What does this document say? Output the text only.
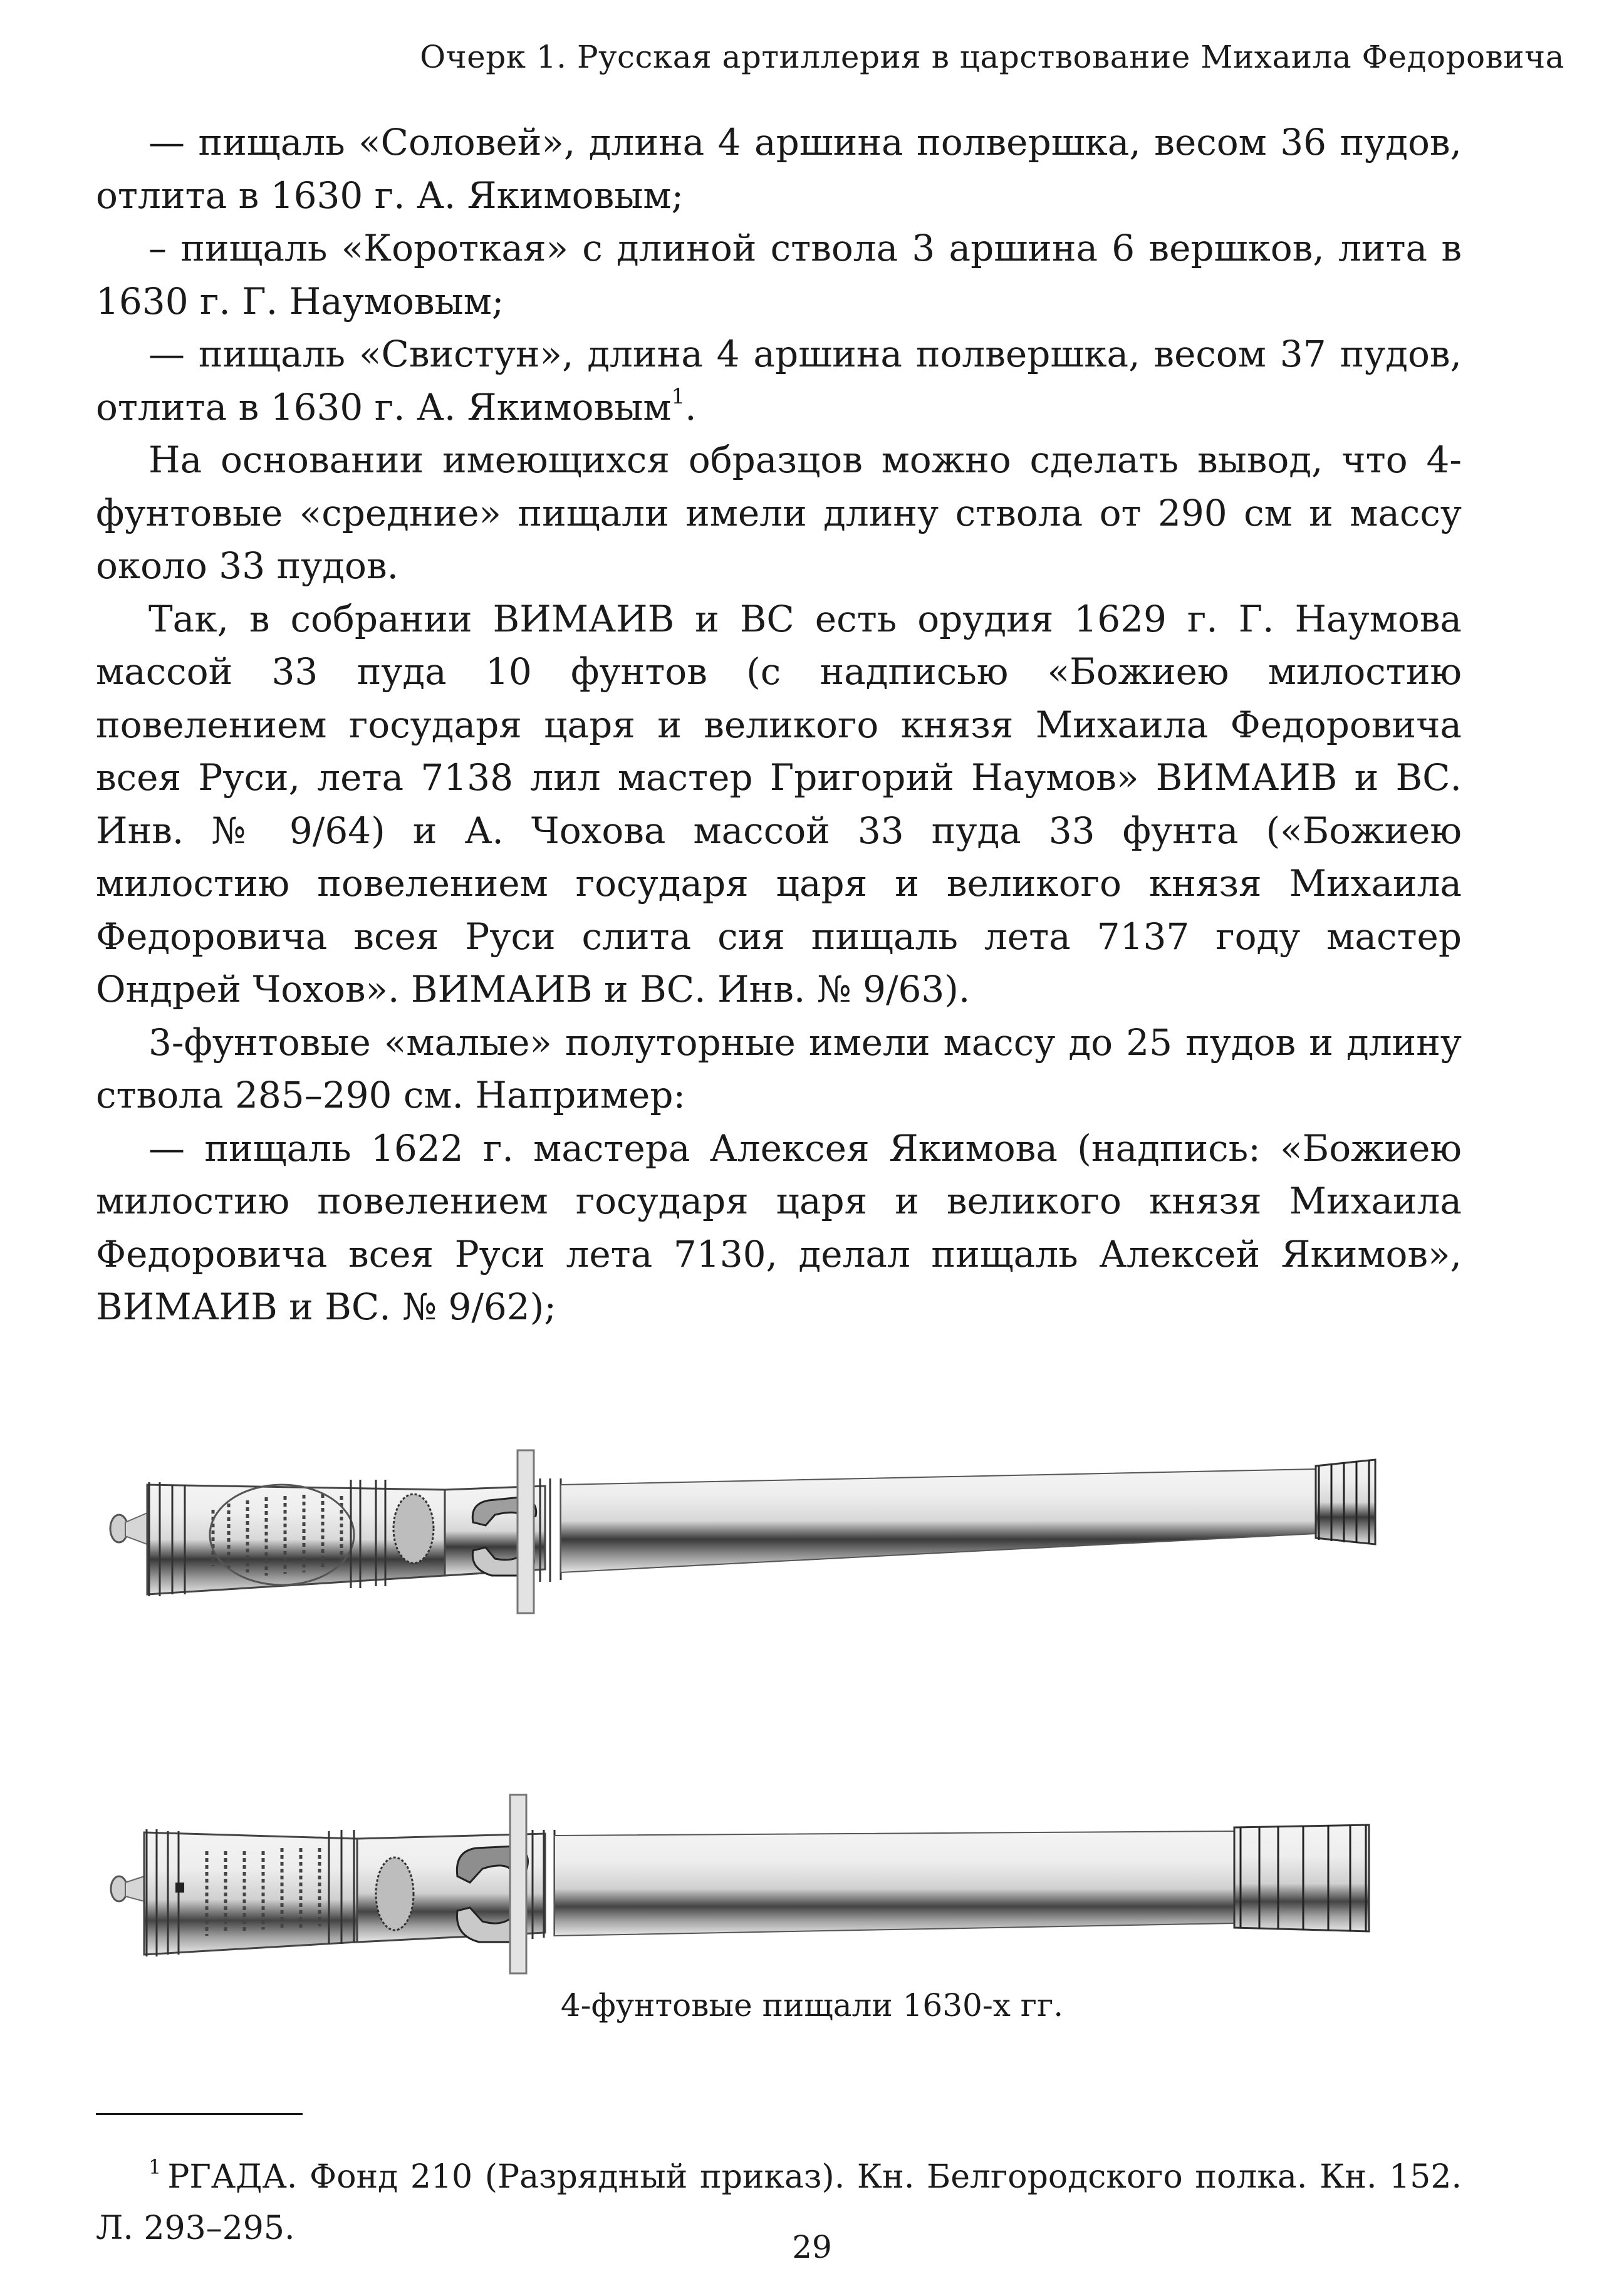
Очерк 1. Русская артиллерия в царствование Михаила Федоровича

— пищаль «Соловей», длина 4 аршина полвершка, весом 36 пудов, отлита в 1630 г. А. Якимовым;

– пищаль «Короткая» с длиной ствола 3 аршина 6 вершков, лита в 1630 г. Г. Наумовым;

— пищаль «Свистун», длина 4 аршина полвершка, весом 37 пудов, отлита в 1630 г. А. Якимовым$^1$.

На основании имеющихся образцов можно сделать вывод, что 4-фунтовые «средние» пищали имели длину ствола от 290 см и массу около 33 пудов.

Так, в собрании ВИМАИВ и ВС есть орудия 1629 г. Г. Наумова массой 33 пуда 10 фунтов (с надписью «Божиею милостию повелением государя царя и великого князя Михаила Федоровича всея Руси, лета 7138 лил мастер Григорий Наумов» ВИМАИВ и ВС. Инв. № 9/64) и А. Чохова массой 33 пуда 33 фунта («Божиею милостию повелением государя царя и великого князя Михаила Федоровича всея Руси слита сия пищаль лета 7137 году мастер Ондрей Чохов». ВИМАИВ и ВС. Инв. № 9/63).

3-фунтовые «малые» полуторные имели массу до 25 пудов и длину ствола 285–290 см. Например:

— пищаль 1622 г. мастера Алексея Якимова (надпись: «Божиею милостию повелением государя царя и великого князя Михаила Федоровича всея Руси лета 7130, делал пищаль Алексей Якимов», ВИМАИВ и ВС. № 9/62);

4-фунтовые пищали 1630-х гг.
$^1$ РГАДА. Фонд 210 (Разрядный приказ). Кн. Белгородского полка. Кн. 152. Л. 293–295.	29
